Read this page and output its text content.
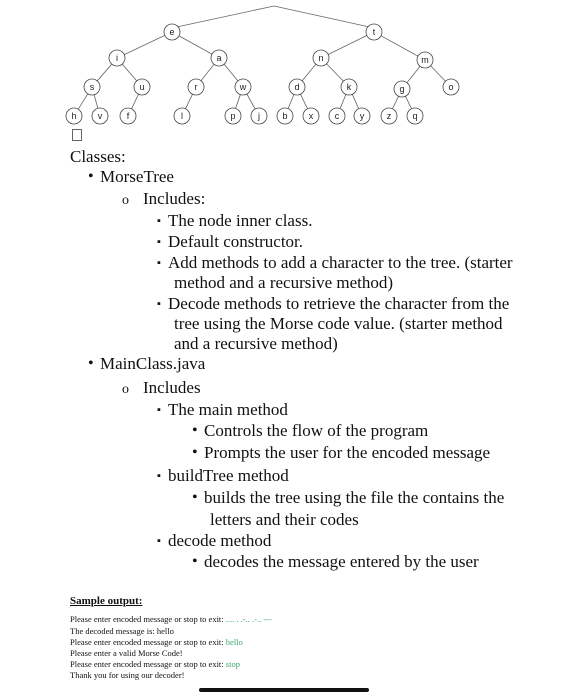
e	t
i	a	n	m
s	u	r	w	d	k	g	o
h v	f	l	p j b x c y	z q
Classes:
• MorseTree
o Includes:
▪ The node inner class.
▪ Default constructor.
▪ Add methods to add a character to the tree. (starter
method and a recursive method)
▪ Decode methods to retrieve the character from the
tree using the Morse code value. (starter method
and a recursive method)
• MainClass.java
o Includes
▪ The main method
• Controls the flow of the program
• Prompts the user for the encoded message
▪ buildTree method
• builds the tree using the file the contains the
letters and their codes
▪ decode method
• decodes the message entered by the user
Sample output:
Please enter encoded message or stop to exit: .... . .-.. .-.. ---
The decoded message is: hello
Please enter encoded message or stop to exit: hello
Please enter a valid Morse Code!
Please enter encoded message or stop to exit: stop
Thank you for using our decoder!
